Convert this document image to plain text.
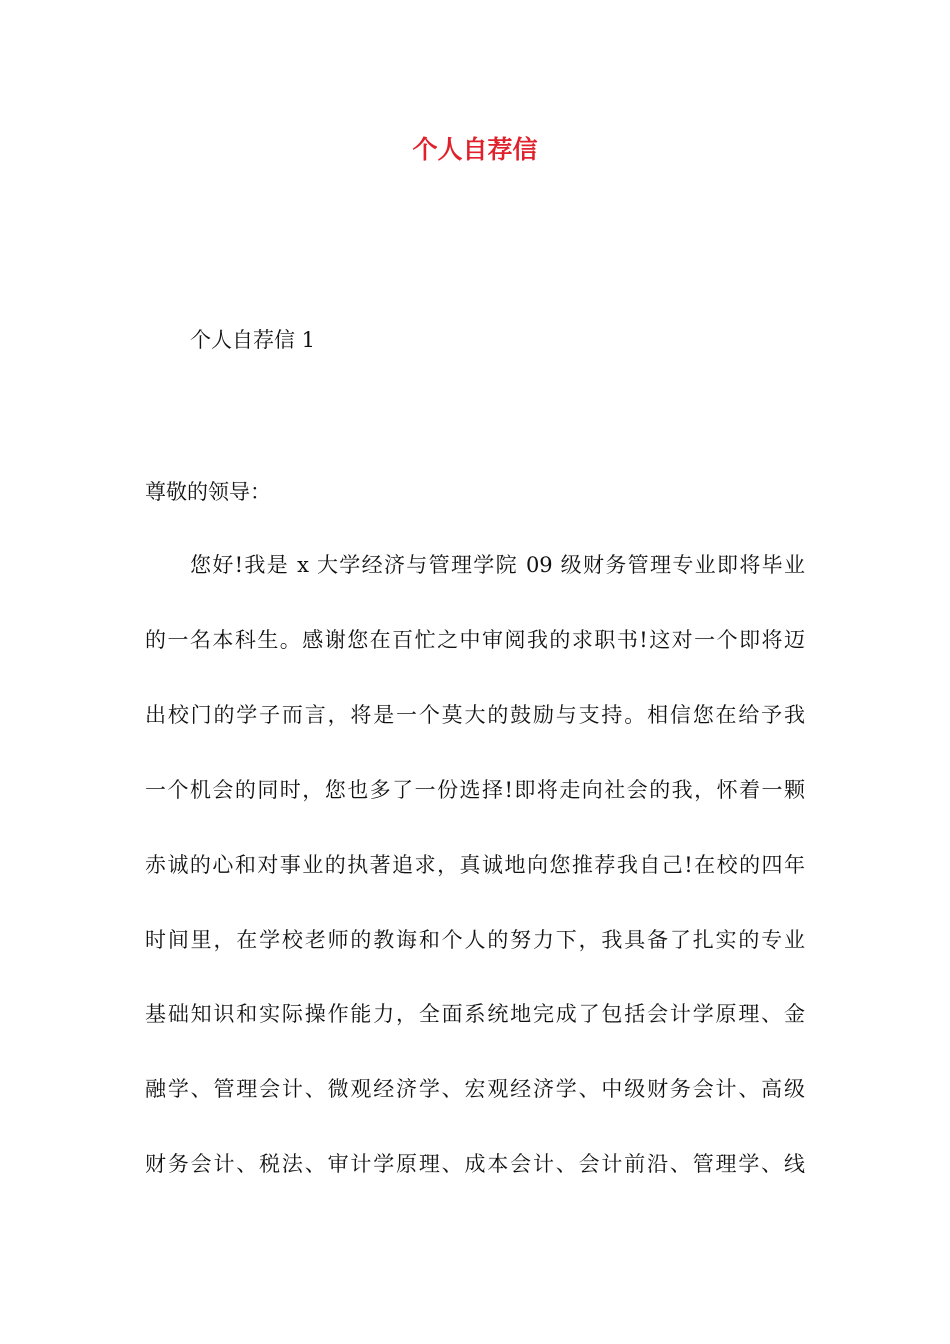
个人自荐信
个人自荐信 1
尊敬的领导：
您好!我是 x 大学经济与管理学院 09 级财务管理专业即将毕业
的一名本科生。感谢您在百忙之中审阅我的求职书!这对一个即将迈
出校门的学子而言，将是一个莫大的鼓励与支持。相信您在给予我
一个机会的同时，您也多了一份选择!即将走向社会的我，怀着一颗
赤诚的心和对事业的执著追求，真诚地向您推荐我自己!在校的四年
时间里，在学校老师的教诲和个人的努力下，我具备了扎实的专业
基础知识和实际操作能力，全面系统地完成了包括会计学原理、金
融学、管理会计、微观经济学、宏观经济学、中级财务会计、高级
财务会计、税法、审计学原理、成本会计、会计前沿、管理学、线
